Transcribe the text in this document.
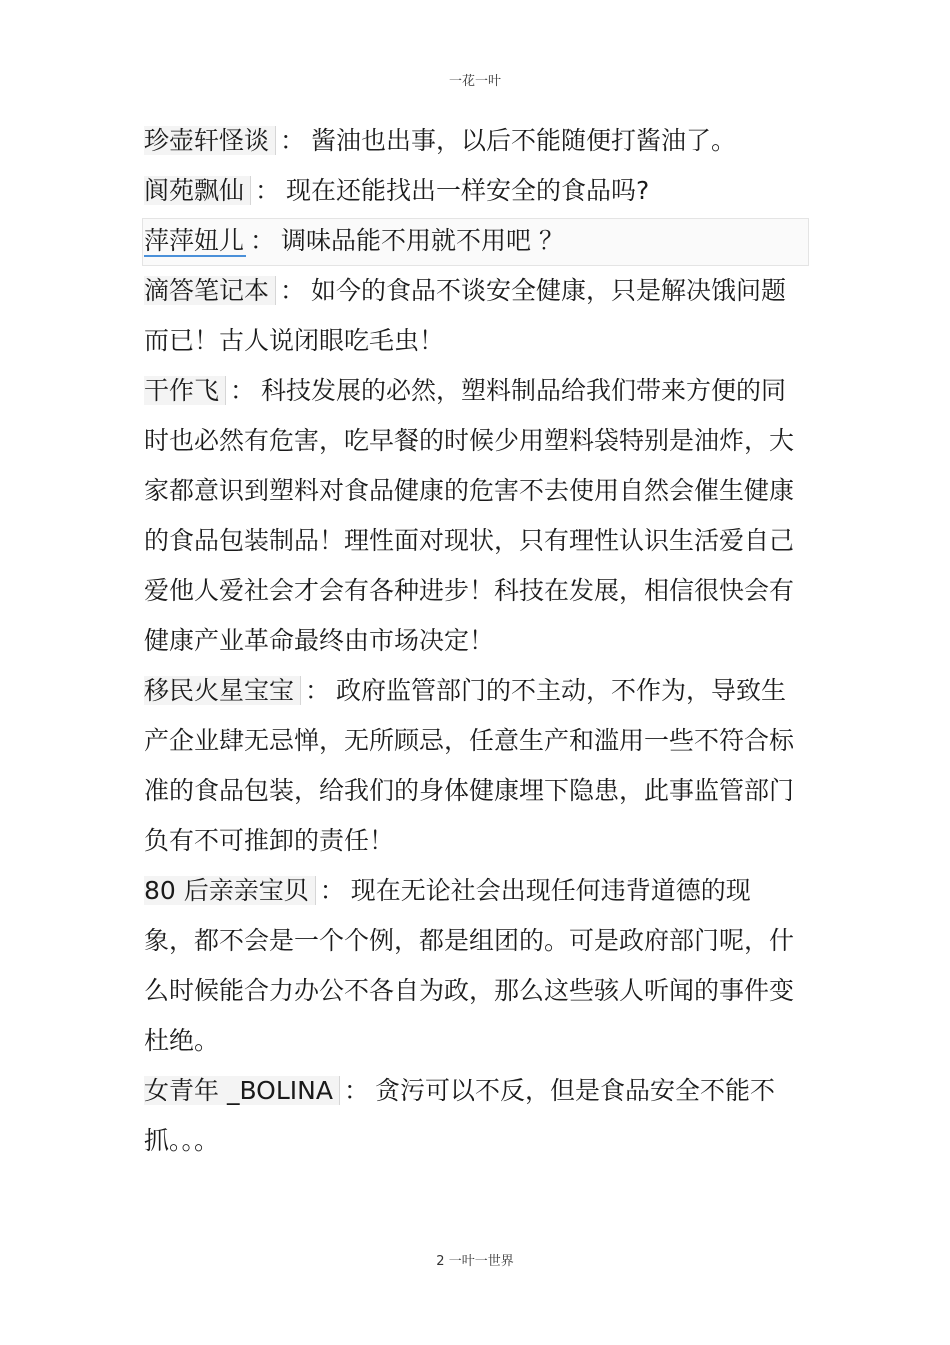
一花一叶

珍壶轩怪谈 ： 酱油也出事，以后不能随便打酱油了。

阆苑飘仙 ： 现在还能找出一样安全的食品吗?

萍萍妞儿 ： 调味品能不用就不用吧 ？

滴答笔记本 ： 如今的食品不谈安全健康，只是解决饿问题而已！古人说闭眼吃毛虫！

干作飞 ： 科技发展的必然，塑料制品给我们带来方便的同时也必然有危害，吃早餐的时候少用塑料袋特别是油炸，大家都意识到塑料对食品健康的危害不去使用自然会催生健康的食品包装制品！理性面对现状，只有理性认识生活爱自己爱他人爱社会才会有各种进步！科技在发展，相信很快会有健康产业革命最终由市场决定！

移民火星宝宝 ： 政府监管部门的不主动，不作为，导致生产企业肆无忌惮，无所顾忌，任意生产和滥用一些不符合标准的食品包装，给我们的身体健康埋下隐患，此事监管部门负有不可推卸的责任！

80 后亲亲宝贝 ： 现在无论社会出现任何违背道德的现象，都不会是一个个例，都是组团的。可是政府部门呢，什么时候能合力办公不各自为政，那么这些骇人听闻的事件变杜绝。

女青年 _BOLINA ： 贪污可以不反，但是食品安全不能不抓。。。

2 一叶一世界
